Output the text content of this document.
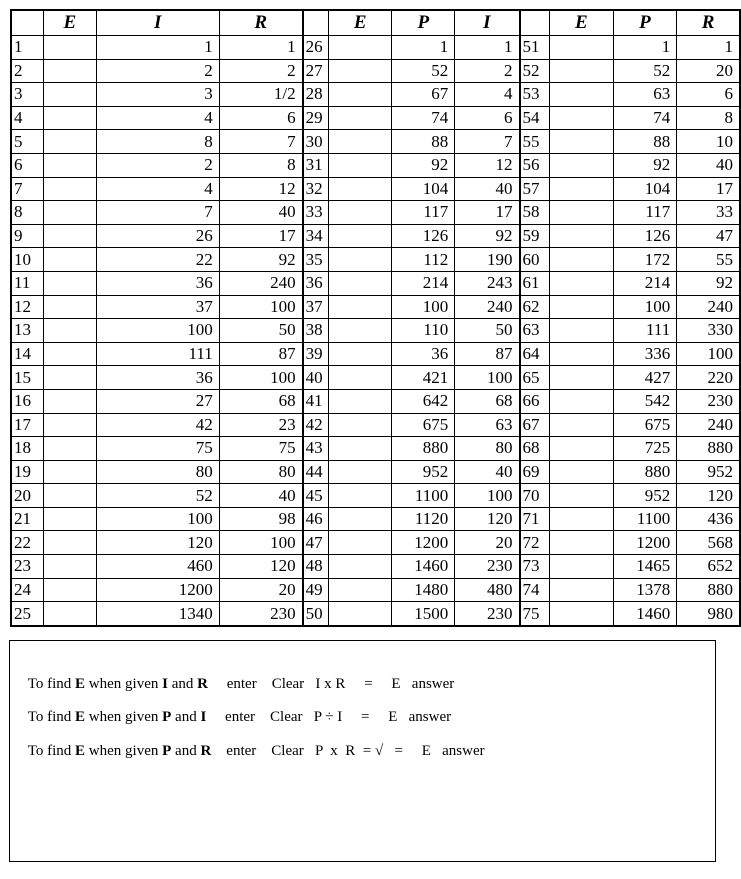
	E	I	R		E	P	I		E	P	R
1		1	1	26		1	1	51		1	1
2		2	2	27		52	2	52		52	20
3		3	1/2	28		67	4	53		63	6
4		4	6	29		74	6	54		74	8
5		8	7	30		88	7	55		88	10
6		2	8	31		92	12	56		92	40
7		4	12	32		104	40	57		104	17
8		7	40	33		117	17	58		117	33
9		26	17	34		126	92	59		126	47
10		22	92	35		112	190	60		172	55
11		36	240	36		214	243	61		214	92
12		37	100	37		100	240	62		100	240
13		100	50	38		110	50	63		111	330
14		111	87	39		36	87	64		336	100
15		36	100	40		421	100	65		427	220
16		27	68	41		642	68	66		542	230
17		42	23	42		675	63	67		675	240
18		75	75	43		880	80	68		725	880
19		80	80	44		952	40	69		880	952
20		52	40	45		1100	100	70		952	120
21		100	98	46		1120	120	71		1100	436
22		120	100	47		1200	20	72		1200	568
23		460	120	48		1460	230	73		1465	652
24		1200	20	49		1480	480	74		1378	880
25		1340	230	50		1500	230	75		1460	980

To find E when given I and R     enter    Clear   I x R     =     E   answer

To find E when given P and I     enter    Clear   P ÷ I     =     E   answer

To find E when given P and R    enter    Clear   P  x  R  = √   =     E   answer
